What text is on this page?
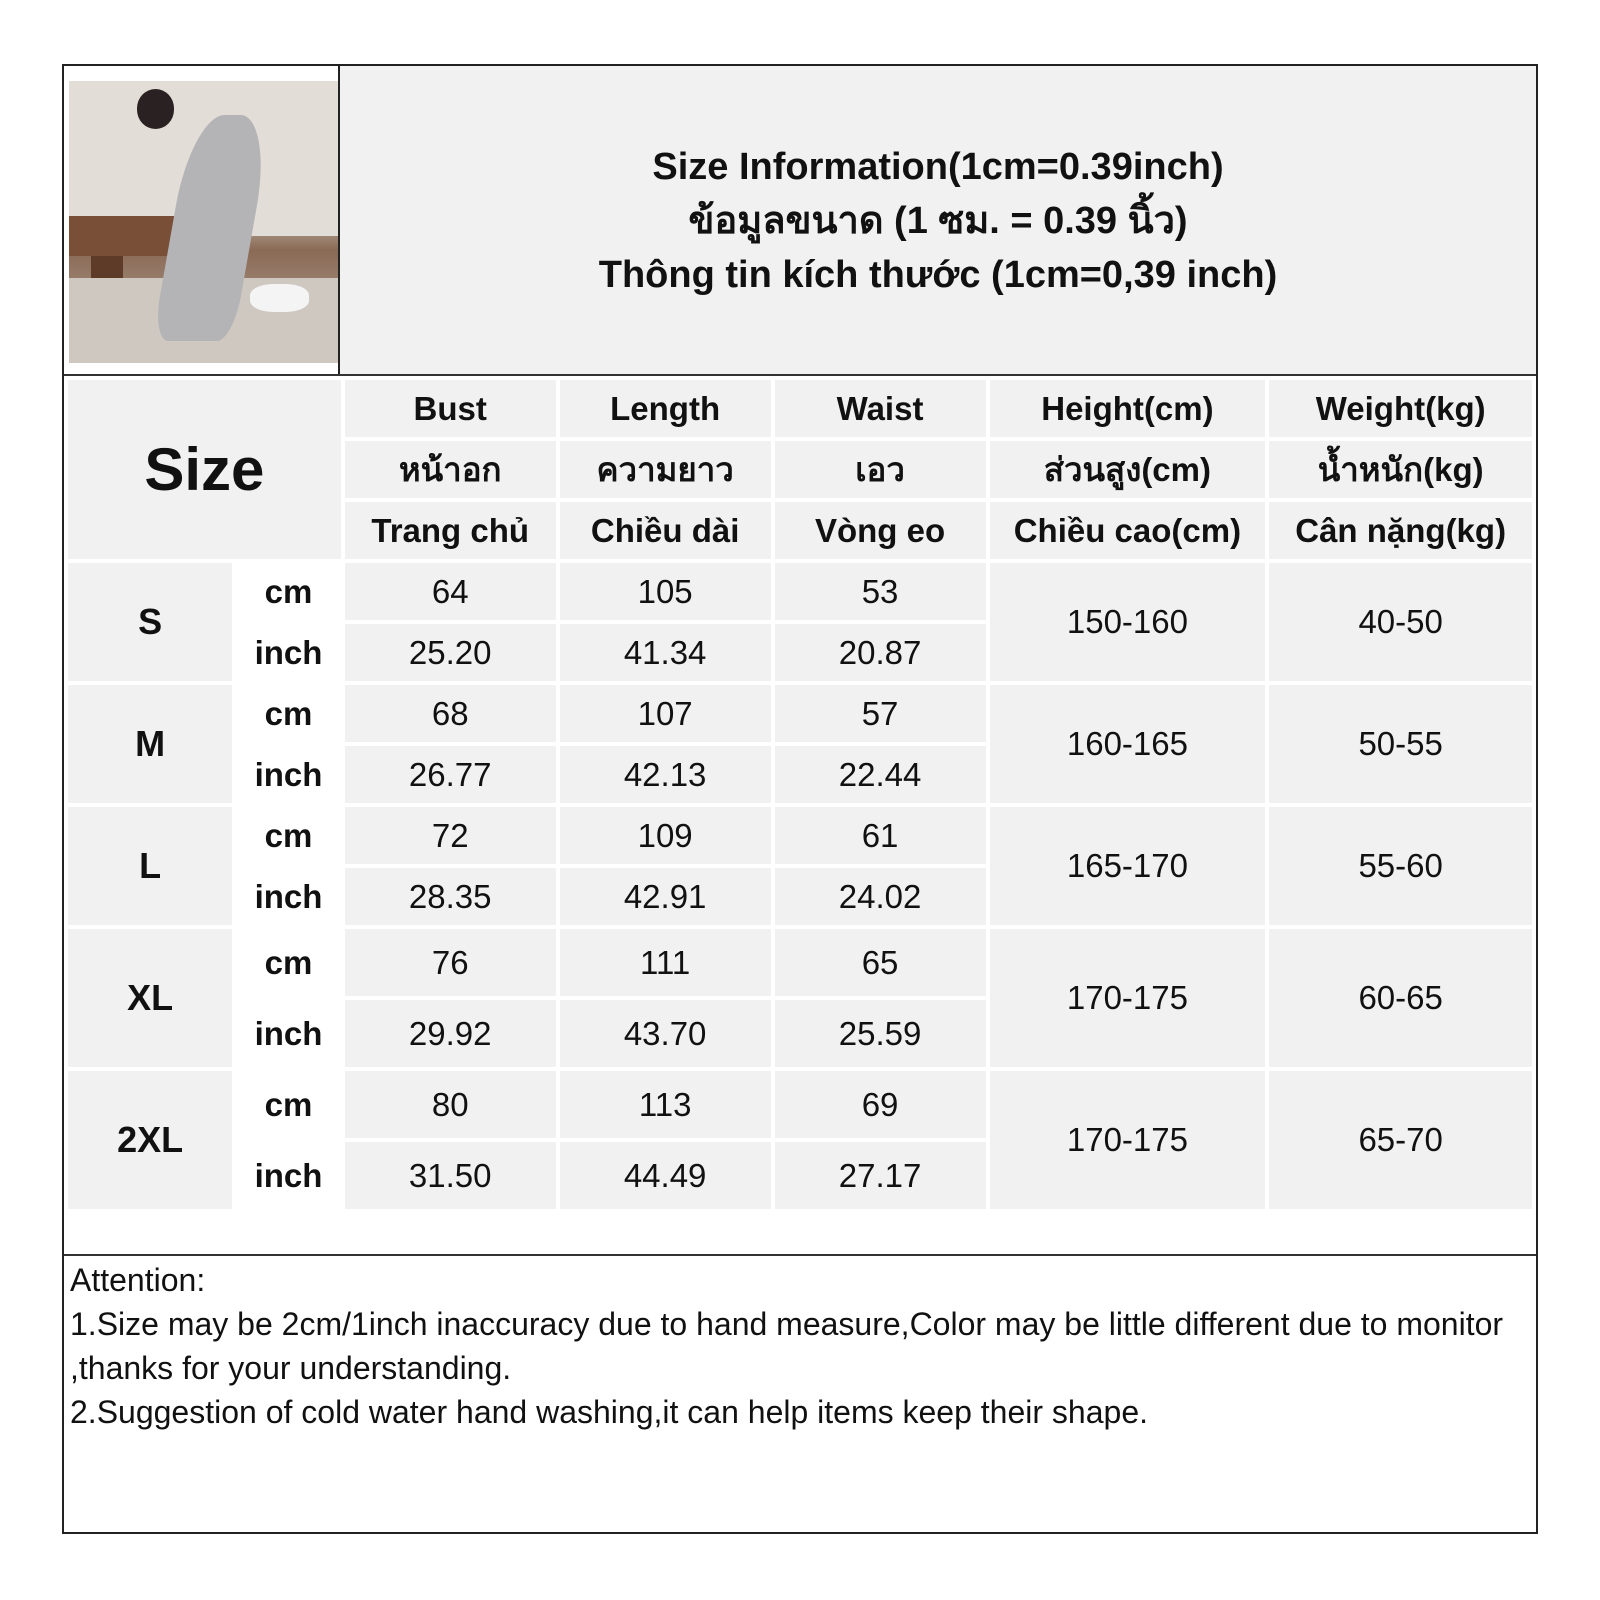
Size Information(1cm=0.39inch)
ข้อมูลขนาด (1 ซม. = 0.39 นิ้ว)
Thông tin kích thước (1cm=0,39 inch)
Size		Bust	Length	Waist	Height(cm)	Weight(kg)
		หน้าอก	ความยาว	เอว	ส่วนสูง(cm)	น้ำหนัก(kg)
		Trang chủ	Chiều dài	Vòng eo	Chiều cao(cm)	Cân nặng(kg)
S	cm	64	105	53	150-160	40-50
	inch	25.20	41.34	20.87		
M	cm	68	107	57	160-165	50-55
	inch	26.77	42.13	22.44		
L	cm	72	109	61	165-170	55-60
	inch	28.35	42.91	24.02		
XL	cm	76	111	65	170-175	60-65
	inch	29.92	43.70	25.59		
2XL	cm	80	113	69	170-175	65-70
	inch	31.50	44.49	27.17		

Attention:

1.Size may be 2cm/1inch inaccuracy due to hand measure,Color may be little different due to monitor ,thanks for your understanding.

2.Suggestion of cold water hand washing,it can help items keep their shape.
